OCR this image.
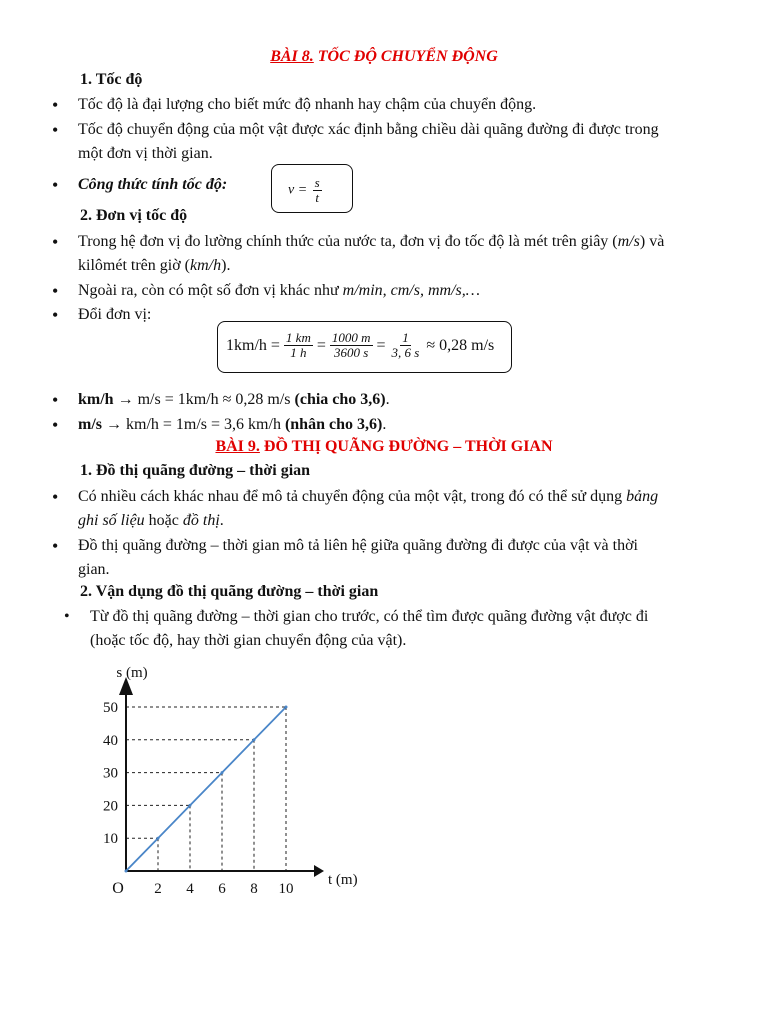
BÀI 8. TỐC ĐỘ CHUYỂN ĐỘNG
1. Tốc độ
• Tốc độ là đại lượng cho biết mức độ nhanh hay chậm của chuyển động.
• Tốc độ chuyển động của một vật được xác định bằng chiều dài quãng đường đi được trong
một đơn vị thời gian.
• Công thức tính tốc độ:	$v = \frac{s}{t}$
2. Đơn vị tốc độ
• Trong hệ đơn vị đo lường chính thức của nước ta, đơn vị đo tốc độ là mét trên giây (m/s) và
kilômét trên giờ (km/h).
• Ngoài ra, còn có một số đơn vị khác như m/min, cm/s, mm/s,…
• Đổi đơn vị:
$1km/h = \frac{1 km}{1 h} = \frac{1000 m}{3600 s} = \frac{1}{3, 6 s} \approx 0,28$ m/s
• km/h → m/s = 1km/h ≈ 0,28 m/s (chia cho 3,6).
• m/s → km/h = 1m/s = 3,6 km/h (nhân cho 3,6).
BÀI 9. ĐỒ THỊ QUÃNG ĐƯỜNG – THỜI GIAN
1. Đồ thị quãng đường – thời gian
• Có nhiều cách khác nhau để mô tả chuyển động của một vật, trong đó có thể sử dụng bảng
ghi số liệu hoặc đồ thị.
• Đồ thị quãng đường – thời gian mô tả liên hệ giữa quãng đường đi được của vật và thời
gian.
2. Vận dụng đồ thị quãng đường – thời gian
• Từ đồ thị quãng đường – thời gian cho trước, có thể tìm được quãng đường vật được đi
(hoặc tốc độ, hay thời gian chuyển động của vật).
10
20
30
40
50
2 4 6 8 10
O
s (m)
t (m)
